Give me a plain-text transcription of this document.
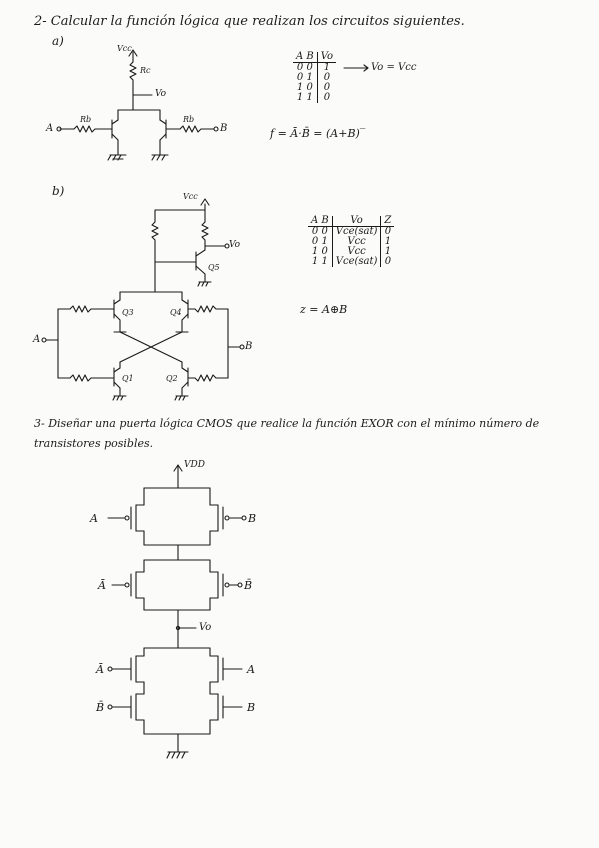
2- Calcular la función lógica que realizan los circuitos siguientes.
a)
Vcc
Rc
Vo
Rb	Rb
A	B
A B	Vo
0 0	1
0 1	0
1 0	0
1 1	0
Vo = Vcc
f = Ā·B̄ = (A+B)‾
b)	Vcc
Vo
Q5
Q3	Q4
Q1	Q2
A
B
A B	Vo	Z
0 0	Vce(sat)	0
0 1	Vcc	1
1 0	Vcc	1
1 1	Vce(sat)	0
z = A⊕B
3- Diseñar una puerta lógica CMOS que realice la función EXOR con el mínimo número de
transistores posibles.
VDD
Vo
A	B
Ā	B̄
Ā	A
B̄	B
